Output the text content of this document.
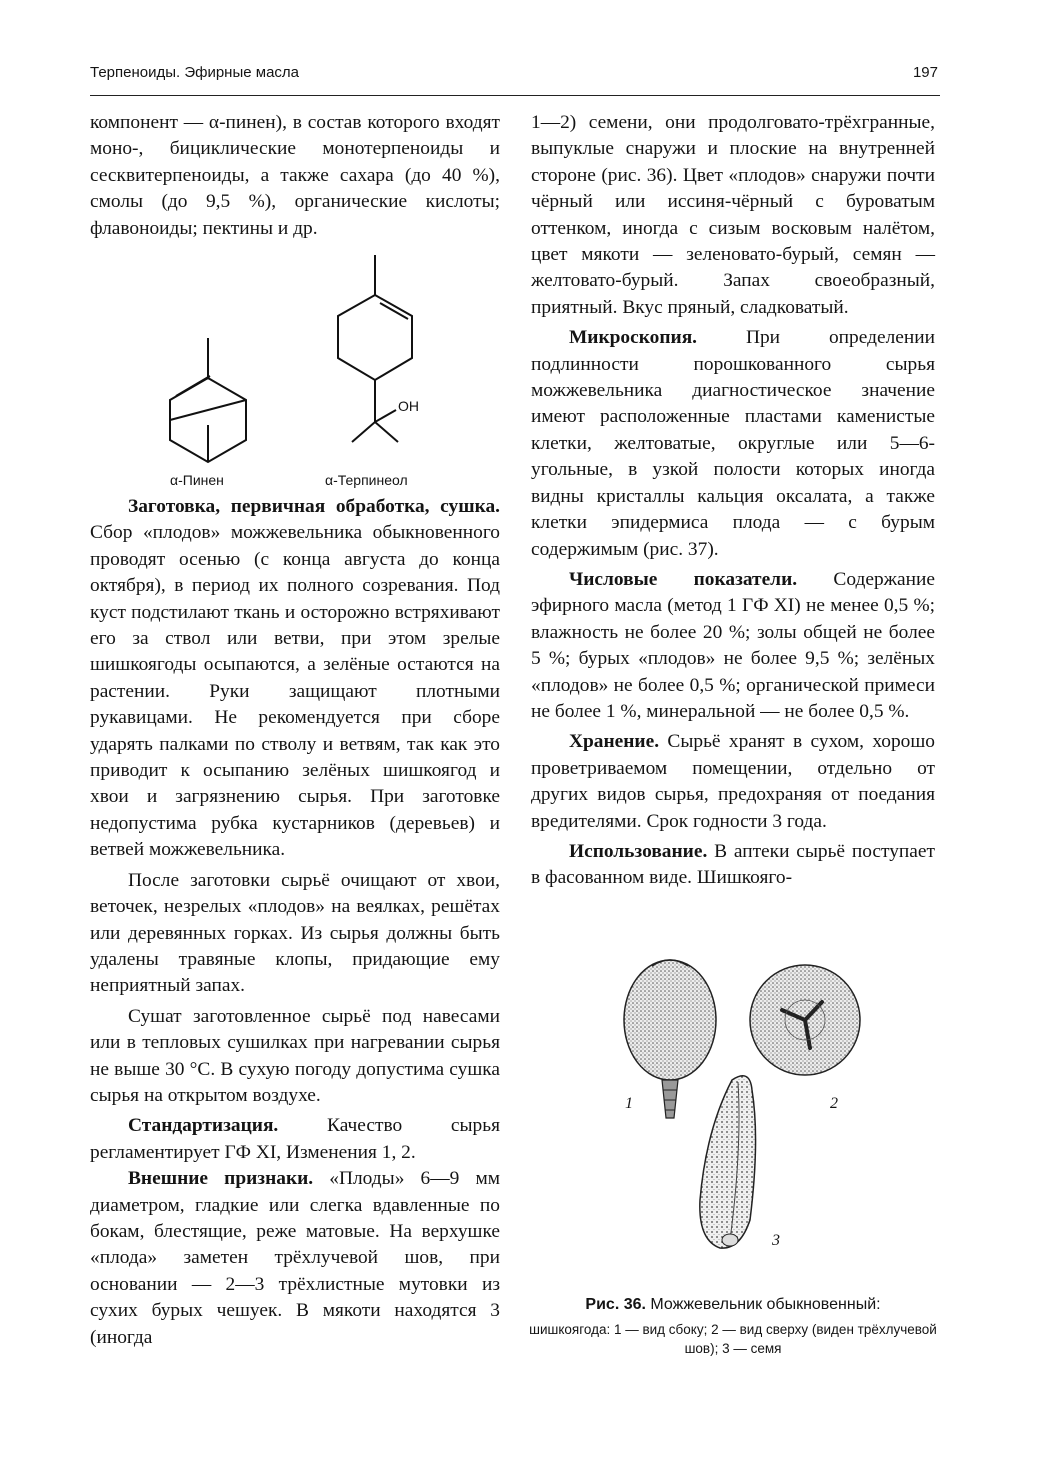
Терпеноиды. Эфирные масла	197

компонент — α-пинен), в состав которого входят моно-, бициклические монотерпеноиды и сесквитерпеноиды, а также сахара (до 40 %), смолы (до 9,5 %), органические кислоты; флавоноиды; пектины и др.

OH
α-Пинен	α-Терпинеол

Заготовка, первичная обработка, сушка. Сбор «плодов» можжевельника обыкновенного проводят осенью (с конца августа до конца октября), в период их полного созревания. Под куст подстилают ткань и осторожно встряхивают его за ствол или ветви, при этом зрелые шишкоягоды осыпаются, а зелёные остаются на растении. Руки защищают плотными рукавицами. Не рекомендуется при сборе ударять палками по стволу и ветвям, так как это приводит к осыпанию зелёных шишкоягод и хвои и загрязнению сырья. При заготовке недопустима рубка кустарников (деревьев) и ветвей можжевельника.

После заготовки сырьё очищают от хвои, веточек, незрелых «плодов» на веялках, решётах или деревянных горках. Из сырья должны быть удалены травяные клопы, придающие ему неприятный запах.

Сушат заготовленное сырьё под навесами или в тепловых сушилках при нагревании сырья не выше 30 °С. В сухую погоду допустима сушка сырья на открытом воздухе.

Стандартизация. Качество сырья регламентирует ГФ XI, Изменения 1, 2.

Внешние признаки. «Плоды» 6—9 мм диаметром, гладкие или слегка вдавленные по бокам, блестящие, реже матовые. На верхушке «плода» заметен трёхлучевой шов, при основании — 2—3 трёхлистные мутовки из сухих бурых чешуек. В мякоти находятся 3 (иногда

1—2) семени, они продолговато-трёхгранные, выпуклые снаружи и плоские на внутренней стороне (рис. 36). Цвет «плодов» снаружи почти чёрный или иссиня-чёрный с буроватым оттенком, иногда с сизым восковым налётом, цвет мякоти — зеленовато-бурый, семян — желтовато-бурый. Запах своеобразный, приятный. Вкус пряный, сладковатый.

Микроскопия. При определении подлинности порошкованного сырья можжевельника диагностическое значение имеют расположенные пластами каменистые клетки, желтоватые, округлые или 5—6-угольные, в узкой полости которых иногда видны кристаллы кальция оксалата, а также клетки эпидермиса плода — с бурым содержимым (рис. 37).

Числовые показатели. Содержание эфирного масла (метод 1 ГФ XI) не менее 0,5 %; влажность не более 20 %; золы общей не более 5 %; бурых «плодов» не более 9,5 %; зелёных «плодов» не более 0,5 %; органической примеси не более 1 %, минеральной — не более 0,5 %.

Хранение. Сырьё хранят в сухом, хорошо проветриваемом помещении, отдельно от других видов сырья, предохраняя от поедания вредителями. Срок годности 3 года.

Использование. В аптеки сырьё поступает в фасованном виде. Шишкояго-

1	2
3
Рис. 36. Можжевельник обыкновенный:
шишкоягода: 1 — вид сбоку; 2 — вид сверху (виден трёхлучевой шов); 3 — семя
